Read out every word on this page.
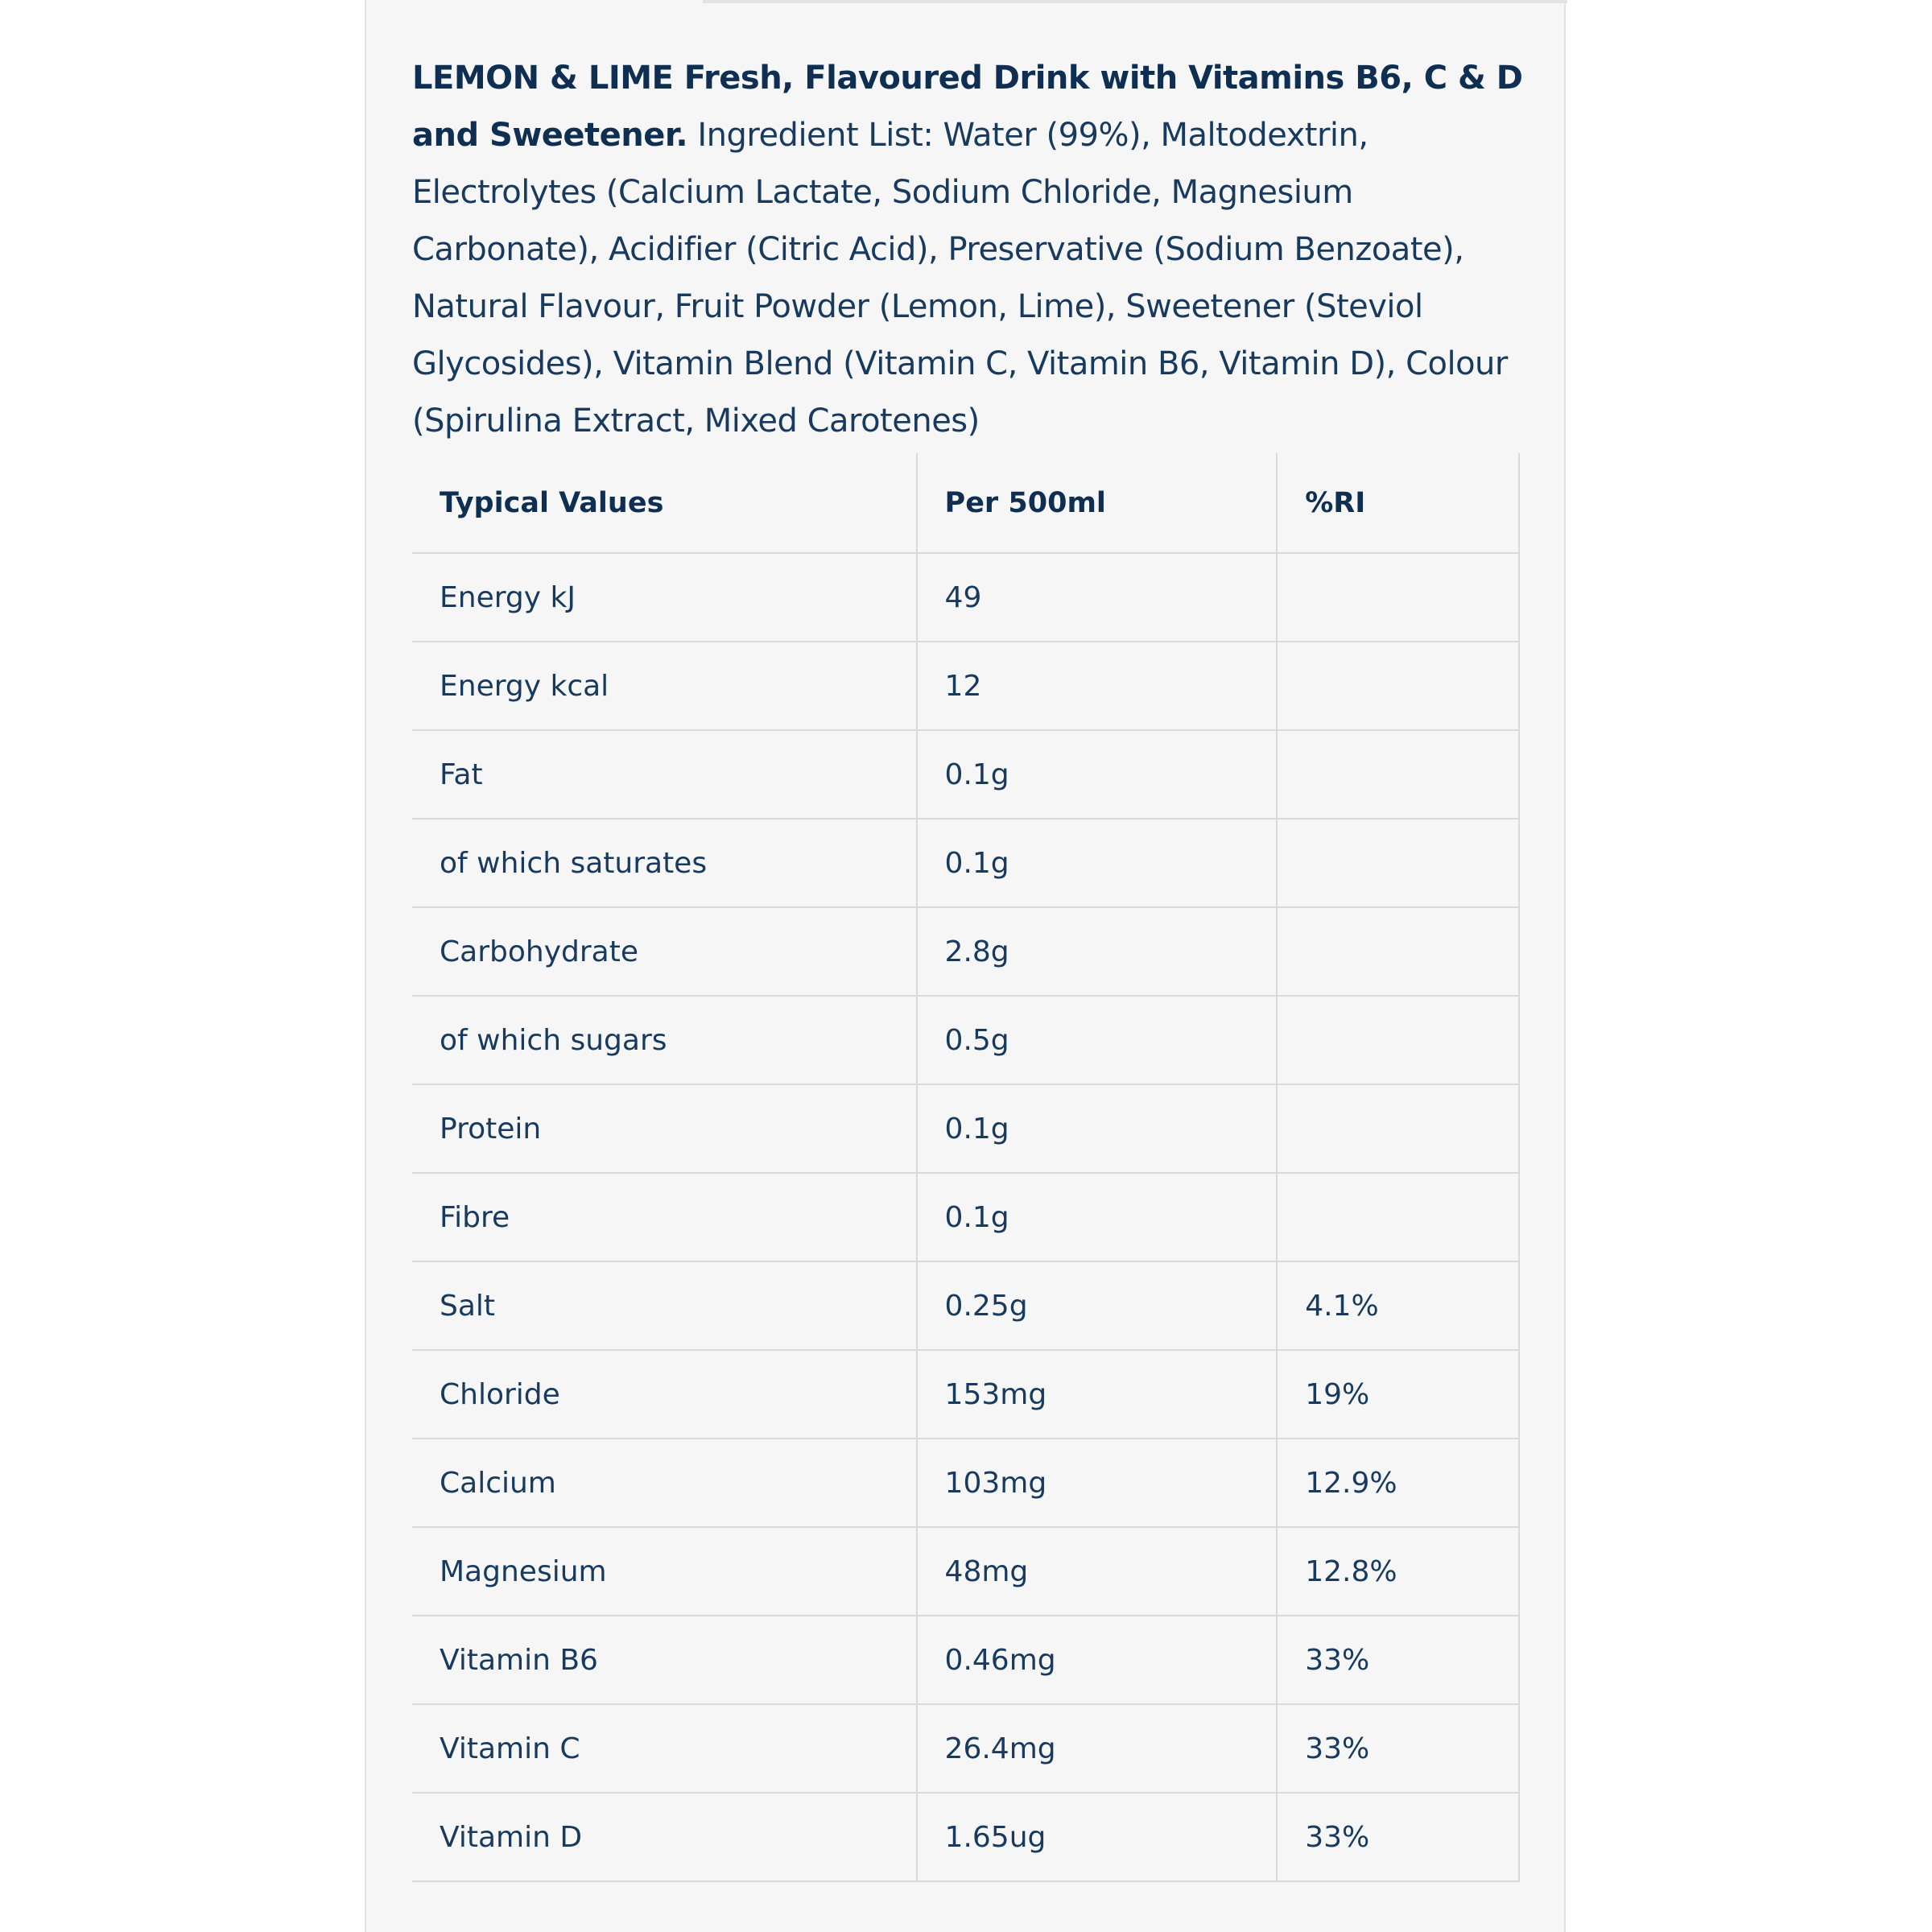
LEMON & LIME Fresh, Flavoured Drink with Vitamins B6, C & D and Sweetener. Ingredient List: Water (99%), Maltodextrin, Electrolytes (Calcium Lactate, Sodium Chloride, Magnesium Carbonate), Acidifier (Citric Acid), Preservative (Sodium Benzoate), Natural Flavour, Fruit Powder (Lemon, Lime), Sweetener (Steviol Glycosides), Vitamin Blend (Vitamin C, Vitamin B6, Vitamin D), Colour (Spirulina Extract, Mixed Carotenes)

Typical Values	Per 500ml	%RI
Energy kJ	49	
Energy kcal	12	
Fat	0.1g	
of which saturates	0.1g	
Carbohydrate	2.8g	
of which sugars	0.5g	
Protein	0.1g	
Fibre	0.1g	
Salt	0.25g	4.1%
Chloride	153mg	19%
Calcium	103mg	12.9%
Magnesium	48mg	12.8%
Vitamin B6	0.46mg	33%
Vitamin C	26.4mg	33%
Vitamin D	1.65ug	33%
